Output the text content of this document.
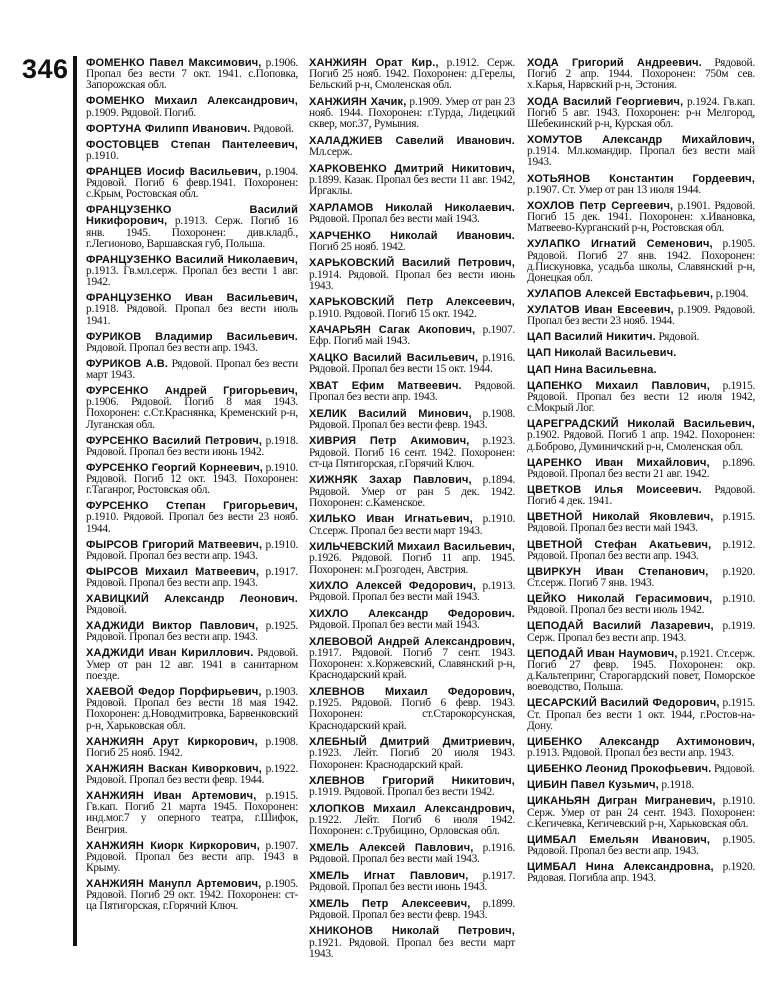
346 ФОМЕНКО Павел Максимович, р.1906. Пропал без вести 7 окт. 1941. с.Поповка, Запорожская обл.

ФОМЕНКО Михаил Александрович, р.1909. Рядовой. Погиб.

ФОРТУНА Филипп Иванович. Рядовой.

ФОСТОВЦЕВ Степан Пантелеевич, р.1910.

ФРАНЦЕВ Иосиф Васильевич, р.1904. Рядовой. Погиб 6 февр.1941. Похоронен: с.Крым, Ростовская обл.

ФРАНЦУЗЕНКО Василий Никифорович, р.1913. Серж. Погиб 16 янв. 1945. Похоронен: див.кладб., г.Легионово, Варшавская губ, Польша.

ФРАНЦУЗЕНКО Василий Николаевич, р.1913. Гв.мл.серж. Пропал без вести 1 авг. 1942.

ФРАНЦУЗЕНКО Иван Васильевич, р.1918. Рядовой. Пропал без вести июль 1941.

ФУРИКОВ Владимир Васильевич. Рядовой. Пропал без вести апр. 1943.

ФУРИКОВ А.В. Рядовой. Пропал без вести март 1943.

ФУРСЕНКО Андрей Григорьевич, р.1906. Рядовой. Погиб 8 мая 1943. Похоронен: с.Ст.Краснянка, Кременский р-н, Луганская обл.

ФУРСЕНКО Василий Петрович, р.1918. Рядовой. Пропал без вести июнь 1942.

ФУРСЕНКО Георгий Корнеевич, р.1910. Рядовой. Погиб 12 окт. 1943. Похоронен: г.Таганрог, Ростовская обл.

ФУРСЕНКО Степан Григорьевич, р.1910. Рядовой. Пропал без вести 23 нояб. 1944.

ФЫРСОВ Григорий Матвеевич, р.1910. Рядовой. Пропал без вести апр. 1943.

ФЫРСОВ Михаил Матвеевич, р.1917. Рядовой. Пропал без вести апр. 1943.

ХАВИЦКИЙ Александр Леонович. Рядовой.

ХАДЖИДИ Виктор Павлович, р.1925. Рядовой. Пропал без вести апр. 1943.

ХАДЖИДИ Иван Кириллович. Рядовой. Умер от ран 12 авг. 1941 в санитарном поезде.

ХАЕВОЙ Федор Порфирьевич, р.1903. Рядовой. Пропал без вести 18 мая 1942. Похоронен: д.Новодмитровка, Барвенковский р-н, Харьковская обл.

ХАНЖИЯН Арут Киркорович, р.1908. Погиб 25 нояб. 1942.

ХАНЖИЯН Васкан Киворкович, р.1922. Рядовой. Пропал без вести февр. 1944.

ХАНЖИЯН Иван Артемович, р.1915. Гв.кап. Погиб 21 марта 1945. Похоронен: инд.мог.7 у оперного театра, г.Шифок, Венгрия.

ХАНЖИЯН Киорк Киркорович, р.1907. Рядовой. Пропал без вести апр. 1943 в Крыму.

ХАНЖИЯН Манупл Артемович, р.1905. Рядовой. Погиб 29 окт. 1942. Похоронен: ст-ца Пятигорская, г.Горячий Ключ.

ХАНЖИЯН Орат Кир., р.1912. Серж. Погиб 25 нояб. 1942. Похоронен: д.Герелы, Бельский р-н, Смоленская обл.

ХАНЖИЯН Хачик, р.1909. Умер от ран 23 нояб. 1944. Похоронен: г.Турда, Лидецкий сквер, мог.37, Румыния.

ХАЛАДЖИЕВ Савелий Иванович. Мл.серж.

ХАРКОВЕНКО Дмитрий Никитович, р.1899. Казак. Пропал без вести 11 авг. 1942, Иргаклы.

ХАРЛАМОВ Николай Николаевич. Рядовой. Пропал без вести май 1943.

ХАРЧЕНКО Николай Иванович. Погиб 25 нояб. 1942.

ХАРЬКОВСКИЙ Василий Петрович, р.1914. Рядовой. Пропал без вести июнь 1943.

ХАРЬКОВСКИЙ Петр Алексеевич, р.1910. Рядовой. Погиб 15 окт. 1942.

ХАЧАРЬЯН Сагак Акопович, р.1907. Ефр. Погиб май 1943.

ХАЦКО Василий Васильевич, р.1916. Рядовой. Пропал без вести 15 окт. 1944.

ХВАТ Ефим Матвеевич. Рядовой. Пропал без вести апр. 1943.

ХЕЛИК Василий Минович, р.1908. Рядовой. Пропал без вести февр. 1943.

ХИВРИЯ Петр Акимович, р.1923. Рядовой. Погиб 16 сент. 1942. Похоронен: ст-ца Пятигорская, г.Горячий Ключ.

ХИЖНЯК Захар Павлович, р.1894. Рядовой. Умер от ран 5 дек. 1942. Похоронен: с.Каменское.

ХИЛЬКО Иван Игнатьевич, р.1910. Ст.серж. Пропал без вести март 1943.

ХИЛЬЧЕВСКИЙ Михаил Васильевич, р.1926. Рядовой. Погиб 11 апр. 1945. Похоронен: м.Грозгоден, Австрия.

ХИХЛО Алексей Федорович, р.1913. Рядовой. Пропал без вести май 1943.

ХИХЛО Александр Федорович. Рядовой. Пропал без вести май 1943.

ХЛЕВОВОЙ Андрей Александрович, р.1917. Рядовой. Погиб 7 сент. 1943. Похоронен: х.Коржевский, Славянский р-н, Краснодарский край.

ХЛЕВНОВ Михаил Федорович, р.1925. Рядовой. Погиб 6 февр. 1943. Похоронен: ст.Старокорсунская, Краснодарский край.

ХЛЕБНЫЙ Дмитрий Дмитриевич, р.1923. Лейт. Погиб 20 июля 1943. Похоронен: Краснодарский край.

ХЛЕВНОВ Григорий Никитович, р.1919. Рядовой. Пропал без вести 1942.

ХЛОПКОВ Михаил Александрович, р.1922. Лейт. Погиб 6 июля 1942. Похоронен: с.Трубицино, Орловская обл.

ХМЕЛЬ Алексей Павлович, р.1916. Рядовой. Пропал без вести май 1943.

ХМЕЛЬ Игнат Павлович, р.1917. Рядовой. Пропал без вести июнь 1943.

ХМЕЛЬ Петр Алексеевич, р.1899. Рядовой. Пропал без вести февр. 1943.

ХНИКОНОВ Николай Петрович, р.1921. Рядовой. Пропал без вести март 1943.

ХОДА Григорий Андреевич. Рядовой. Погиб 2 апр. 1944. Похоронен: 750м сев. х.Карья, Нарвский р-н, Эстония.

ХОДА Василий Георгиевич, р.1924. Гв.кап. Погиб 5 авг. 1943. Похоронен: р-н Мелгород, Шебекинский р-н, Курская обл.

ХОМУТОВ Александр Михайлович, р.1914. Мл.командир. Пропал без вести май 1943.

ХОТЬЯНОВ Константин Гордеевич, р.1907. Ст. Умер от ран 13 июля 1944.

ХОХЛОВ Петр Сергеевич, р.1901. Рядовой. Погиб 15 дек. 1941. Похоронен: х.Ивановка, Матвеево-Курганский р-н, Ростовская обл.

ХУЛАПКО Игнатий Семенович, р.1905. Рядовой. Погиб 27 янв. 1942. Похоронен: д.Пискуновка, усадьба школы, Славянский р-н, Донецкая обл.

ХУЛАПОВ Алексей Евстафьевич, р.1904.

ХУЛАТОВ Иван Евсеевич, р.1909. Рядовой. Пропал без вести 23 нояб. 1944.

ЦАП Василий Никитич. Рядовой.

ЦАП Николай Васильевич.

ЦАП Нина Васильевна.

ЦАПЕНКО Михаил Павлович, р.1915. Рядовой. Пропал без вести 12 июля 1942, с.Мокрый Лог.

ЦАРЕГРАДСКИЙ Николай Васильевич, р.1902. Рядовой. Погиб 1 апр. 1942. Похоронен: д.Боброво, Думиничский р-н, Смоленская обл.

ЦАРЕНКО Иван Михайлович, р.1896. Рядовой. Пропал без вести 21 авг. 1942.

ЦВЕТКОВ Илья Моисеевич. Рядовой. Погиб 4 дек. 1941.

ЦВЕТНОЙ Николай Яковлевич, р.1915. Рядовой. Пропал без вести май 1943.

ЦВЕТНОЙ Стефан Акатьевич, р.1912. Рядовой. Пропал без вести апр. 1943.

ЦВИРКУН Иван Степанович, р.1920. Ст.серж. Погиб 7 янв. 1943.

ЦЕЙКО Николай Герасимович, р.1910. Рядовой. Пропал без вести июль 1942.

ЦЕПОДАЙ Василий Лазаревич, р.1919. Серж. Пропал без вести апр. 1943.

ЦЕПОДАЙ Иван Наумович, р.1921. Ст.серж. Погиб 27 февр. 1945. Похоронен: окр. д.Кальтепринг, Старогардский повет, Поморское воеводство, Польша.

ЦЕСАРСКИЙ Василий Федорович, р.1915. Ст. Пропал без вести 1 окт. 1944, г.Ростов-на-Дону.

ЦИБЕНКО Александр Ахтимонович, р.1913. Рядовой. Пропал без вести апр. 1943.

ЦИБЕНКО Леонид Прокофьевич. Рядовой.

ЦИБИН Павел Кузьмич, р.1918.

ЦИКАНЬЯН Дигран Миграневич, р.1910. Серж. Умер от ран 24 сент. 1943. Похоронен: с.Кегичевка, Кегичевский р-н, Харьковская обл.

ЦИМБАЛ Емельян Иванович, р.1905. Рядовой. Пропал без вести апр. 1943.

ЦИМБАЛ Нина Александровна, р.1920. Рядовая. Погибла апр. 1943.
